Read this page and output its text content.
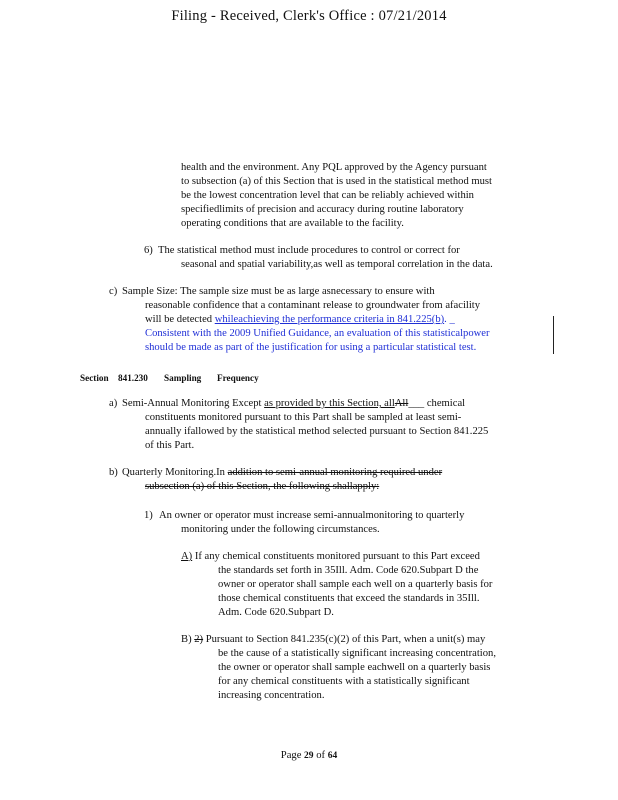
Filing - Received, Clerk's Office : 07/21/2014
health and the environment. Any PQL approved by the Agency pursuant
to subsection (a) of this Section that is used in the statistical method must
be the lowest concentration level that can be reliably achieved within
specifiedlimits of precision and accuracy during routine laboratory
operating conditions that are available to the facility.
6) The statistical method must include procedures to control or correct for
seasonal and spatial variability,as well as temporal correlation in the data.
c) Sample Size: The sample size must be as large asnecessary to ensure with
reasonable confidence that a contaminant release to groundwater from afacility
will be detected whileachieving the performance criteria in 841.225(b). _
Consistent with the 2009 Unified Guidance, an evaluation of this statisticalpower
should be made as part of the justification for using a particular statistical test.
Section 841.230 Sampling Frequency
a) Semi-Annual Monitoring Except as provided by this Section, allAll___ chemical
constituents monitored pursuant to this Part shall be sampled at least semi-
annually ifallowed by the statistical method selected pursuant to Section 841.225
of this Part.
b) Quarterly Monitoring.In addition to semi-annual monitoring required under
subsection (a) of this Section, the following shallapply:
1) An owner or operator must increase semi-annualmonitoring to quarterly
monitoring under the following circumstances.
A) If any chemical constituents monitored pursuant to this Part exceed
the standards set forth in 35Ill. Adm. Code 620.Subpart D the
owner or operator shall sample each well on a quarterly basis for
those chemical constituents that exceed the standards in 35Ill.
Adm. Code 620.Subpart D.
B) 2) Pursuant to Section 841.235(c)(2) of this Part, when a unit(s) may
be the cause of a statistically significant increasing concentration,
the owner or operator shall sample eachwell on a quarterly basis
for any chemical constituents with a statistically significant
increasing concentration.
Page 29 of 64
